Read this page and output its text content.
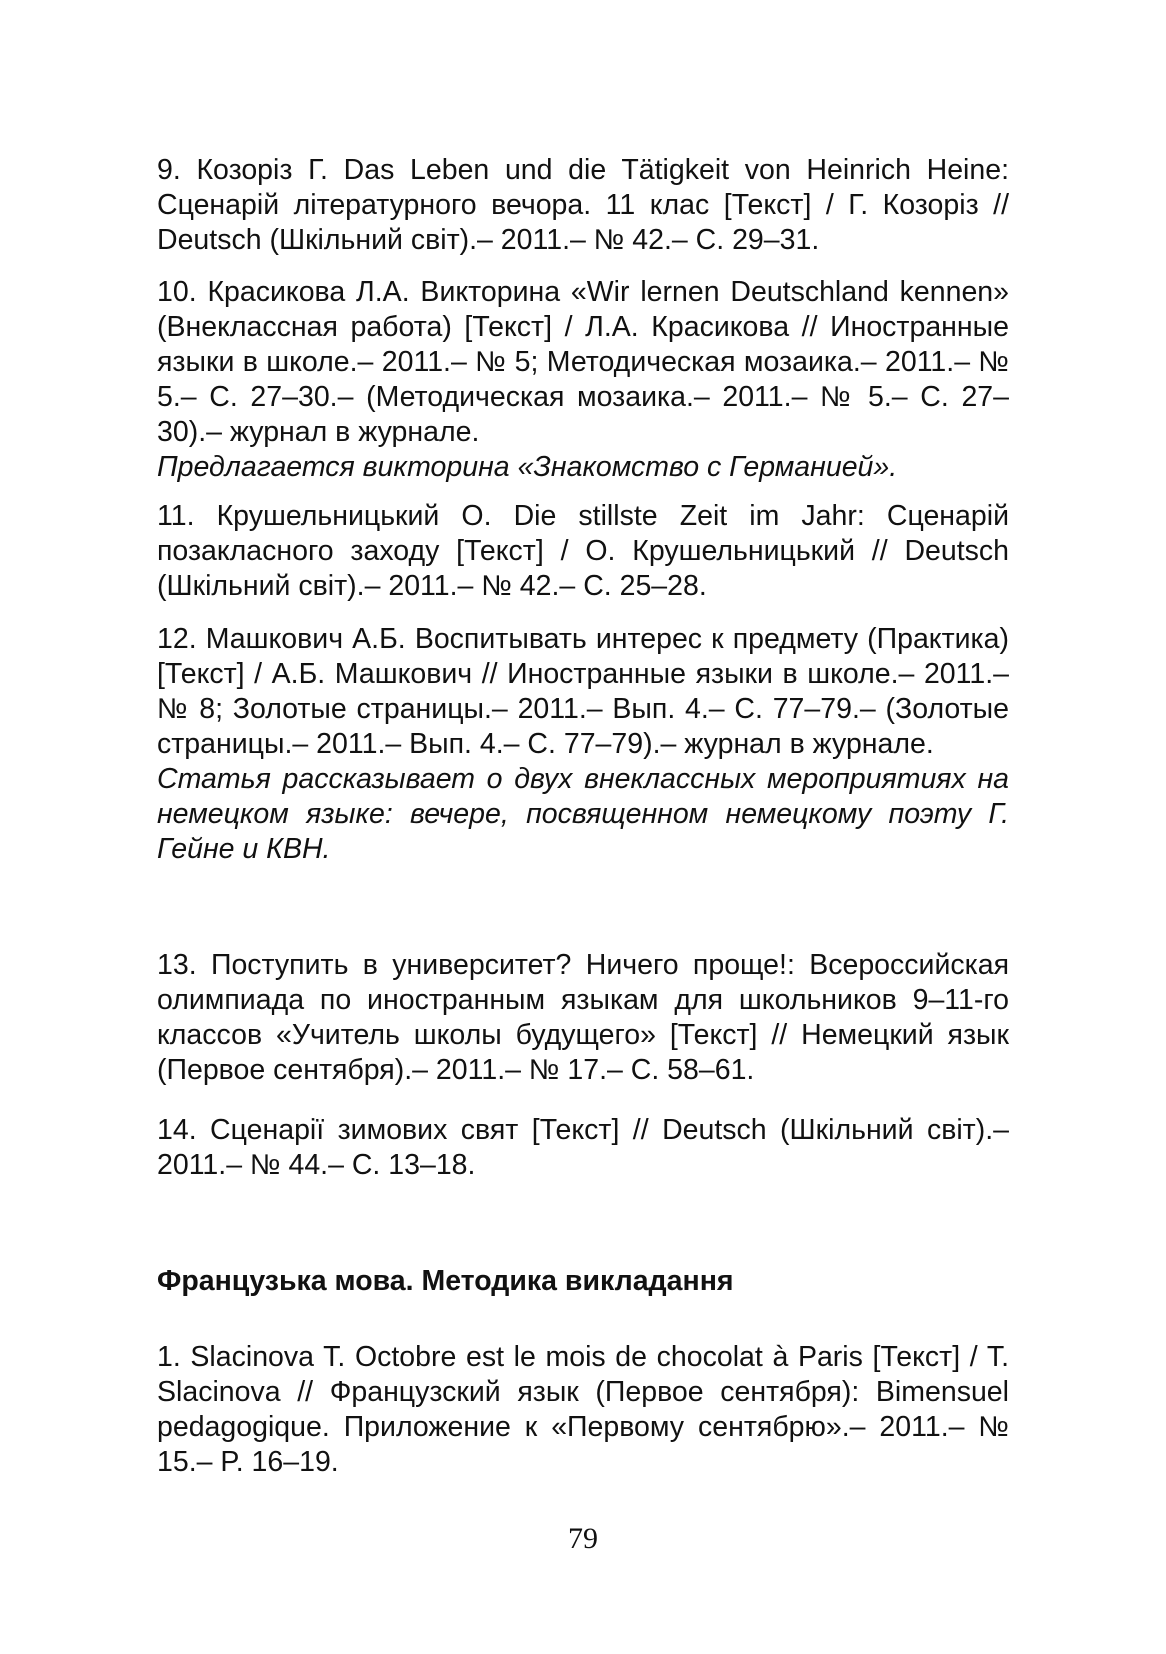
9. Козоріз Г. Das Leben und die Tätigkeit von Heinrich Heine: Сценарій літературного вечора. 11 клас [Текст] / Г. Козоріз // Deutsch (Шкільний світ).– 2011.– № 42.– С. 29–31.

10. Красикова Л.А. Викторина «Wir lernen Deutschland kennen» (Внеклассная работа) [Текст] / Л.А. Красикова // Иностранные языки в школе.– 2011.– № 5; Методическая мозаика.– 2011.– № 5.– С. 27–30.– (Методическая мозаика.– 2011.– № 5.– С. 27–30).– журнал в журнале.

Предлагается викторина «Знакомство с Германией».

11. Крушельницький О. Die stillste Zeit im Jahr: Сценарій позакласного заходу [Текст] / О. Крушельницький // Deutsch (Шкільний світ).– 2011.– № 42.– С. 25–28.

12. Машкович А.Б. Воспитывать интерес к предмету (Практика) [Текст] / А.Б. Машкович // Иностранные языки в школе.– 2011.– № 8; Золотые страницы.– 2011.– Вып. 4.– С. 77–79.– (Золотые страницы.– 2011.– Вып. 4.– С. 77–79).– журнал в журнале.

Статья рассказывает о двух внеклассных мероприятиях на немецком языке: вечере, посвященном немецкому поэту Г. Гейне и КВН.

13. Поступить в университет? Ничего проще!: Всероссийская олимпиада по иностранным языкам для школьников 9–11-го классов «Учитель школы будущего» [Текст] // Немецкий язык (Первое сентября).– 2011.– № 17.– С. 58–61.

14. Сценарії зимових свят [Текст] // Deutsch (Шкільний світ).– 2011.– № 44.– С. 13–18.

Французька мова. Методика викладання

1. Slacinova T. Octobre est le mois de chocolat à Paris [Текст] / T. Slacinova // Французский язык (Первое сентября): Bimensuel pedagogique. Приложение к «Первому сентябрю».– 2011.– № 15.– P. 16–19.

79
